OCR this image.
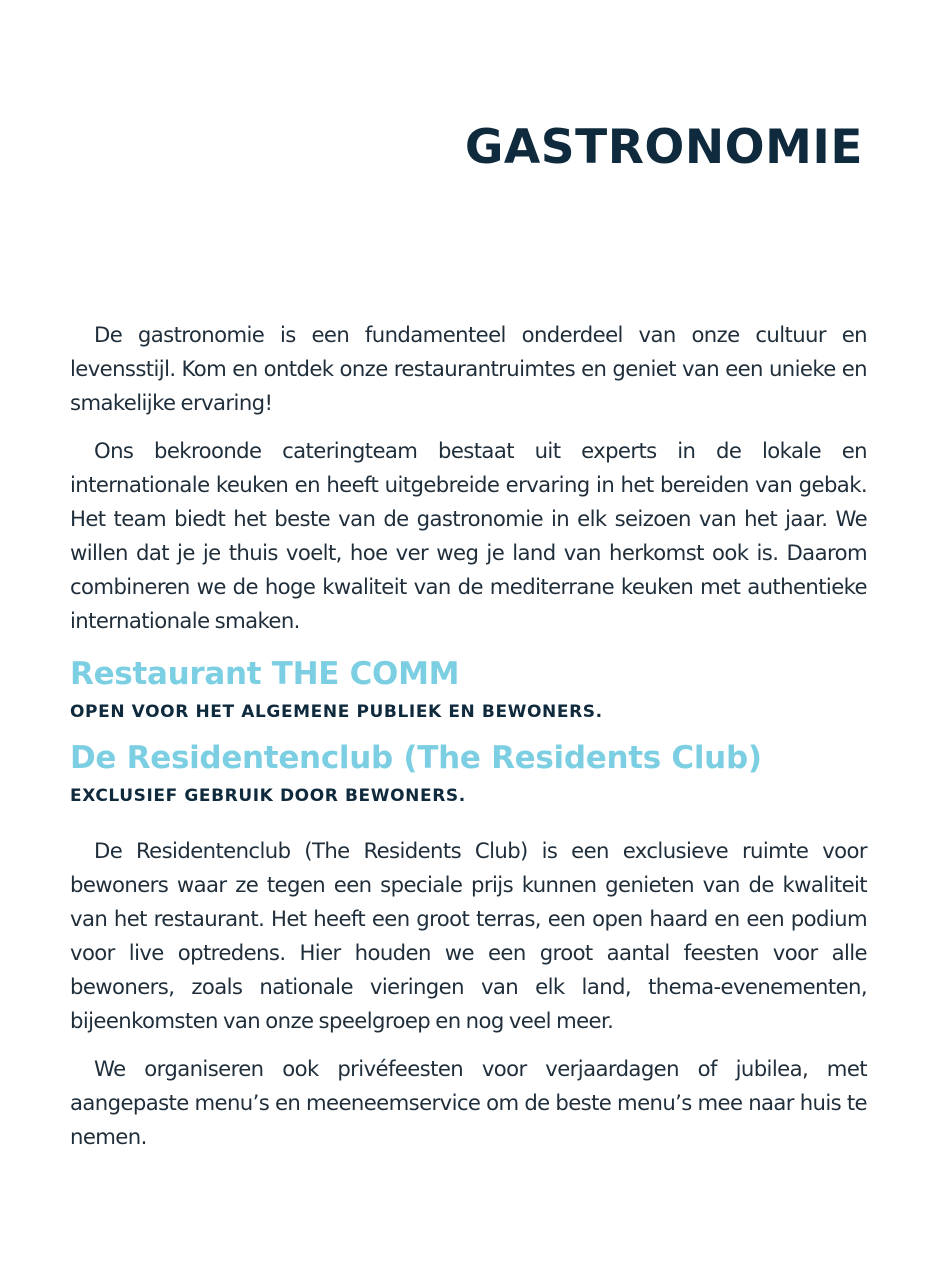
GASTRONOMIE

De gastronomie is een fundamenteel onderdeel van onze cultuur en levensstijl. Kom en ontdek onze restaurantruimtes en geniet van een unieke en smakelijke ervaring!

Ons bekroonde cateringteam bestaat uit experts in de lokale en internationale keuken en heeft uitgebreide ervaring in het bereiden van gebak. Het team biedt het beste van de gastronomie in elk seizoen van het jaar. We willen dat je je thuis voelt, hoe ver weg je land van herkomst ook is. Daarom combineren we de hoge kwaliteit van de mediterrane keuken met authentieke internationale smaken.

Restaurant THE COMM
OPEN VOOR HET ALGEMENE PUBLIEK EN BEWONERS.
De Residentenclub (The Residents Club)
EXCLUSIEF GEBRUIK DOOR BEWONERS.

De Residentenclub (The Residents Club) is een exclusieve ruimte voor bewoners waar ze tegen een speciale prijs kunnen genieten van de kwaliteit van het restaurant. Het heeft een groot terras, een open haard en een podium voor live optredens. Hier houden we een groot aantal feesten voor alle bewoners, zoals nationale vieringen van elk land, thema-evenementen, bijeenkomsten van onze speelgroep en nog veel meer.

We organiseren ook privéfeesten voor verjaardagen of jubilea, met aangepaste menu’s en meeneemservice om de beste menu’s mee naar huis te nemen.
